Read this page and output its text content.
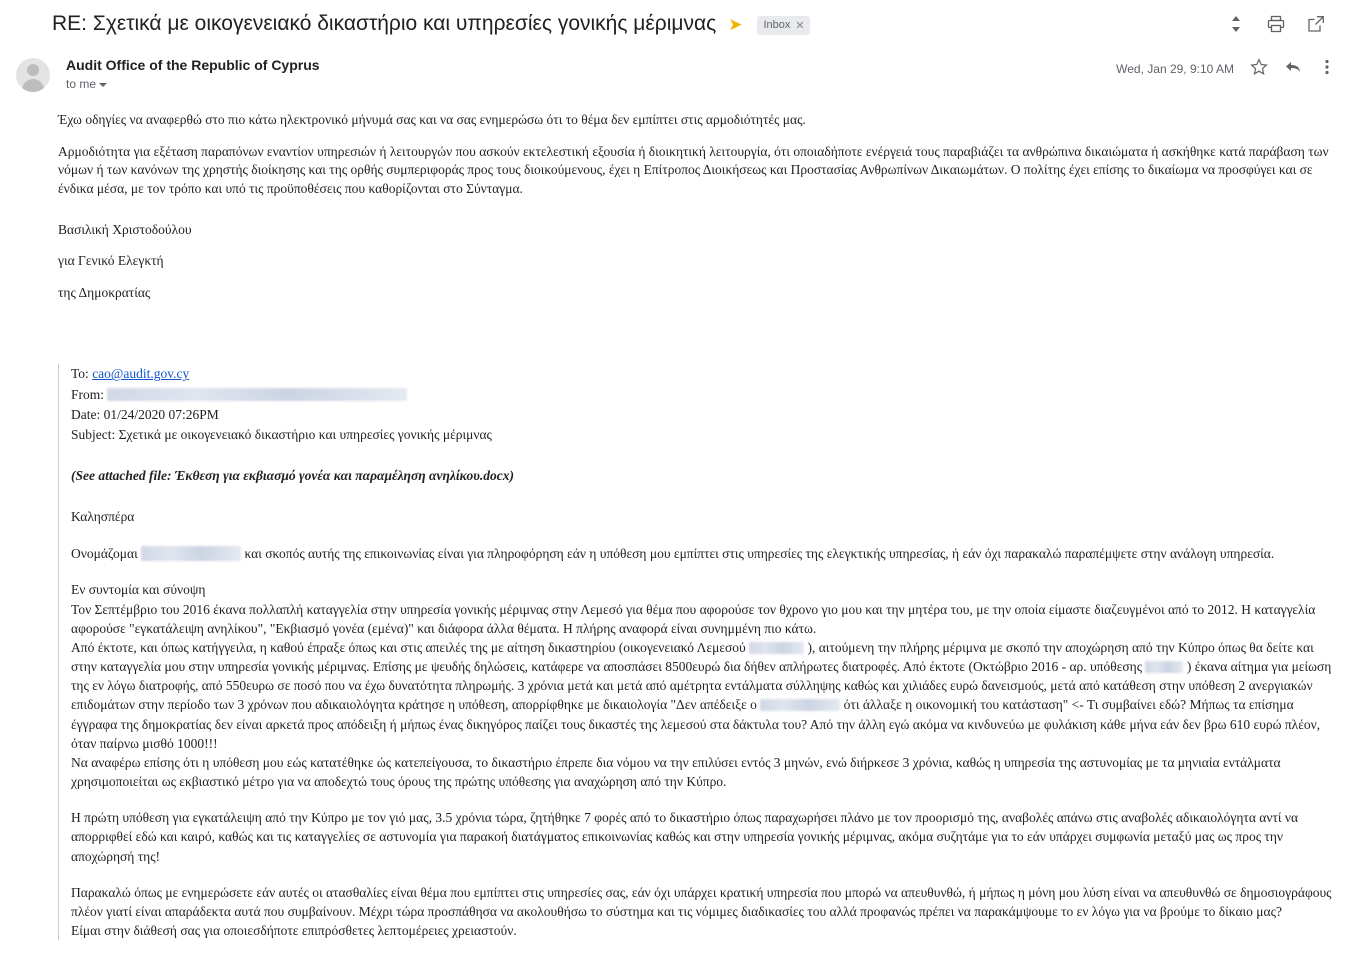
RE: Σχετικά με οικογενειακό δικαστήριο και υπηρεσίες γονικής μέριμνας ➤ Inbox ✕
Audit Office of the Republic of Cyprus
to me
Wed, Jan 29, 9:10 AM

Έχω οδηγίες να αναφερθώ στο πιο κάτω ηλεκτρονικό μήνυμά σας και να σας ενημερώσω ότι το θέμα δεν εμπίπτει στις αρμοδιότητές μας.

Αρμοδιότητα για εξέταση παραπόνων εναντίον υπηρεσιών ή λειτουργών που ασκούν εκτελεστική εξουσία ή διοικητική λειτουργία, ότι οποιαδήποτε ενέργειά τους παραβιάζει τα ανθρώπινα δικαιώματα ή ασκήθηκε κατά παράβαση των νόμων ή των κανόνων της χρηστής διοίκησης και της ορθής συμπεριφοράς προς τους διοικούμενους, έχει η Επίτροπος Διοικήσεως και Προστασίας Ανθρωπίνων Δικαιωμάτων. Ο πολίτης έχει επίσης το δικαίωμα να προσφύγει και σε ένδικα μέσα, με τον τρόπο και υπό τις προϋποθέσεις που καθορίζονται στο Σύνταγμα.

Βασιλική Χριστοδούλου

για Γενικό Ελεγκτή

της Δημοκρατίας

To: cao@audit.gov.cy
From:
Date: 01/24/2020 07:26PM
Subject: Σχετικά με οικογενειακό δικαστήριο και υπηρεσίες γονικής μέριμνας
(See attached file: Έκθεση για εκβιασμό γονέα και παραμέληση ανηλίκου.docx)
Καλησπέρα
Ονομάζομαι	και σκοπός αυτής της επικοινωνίας είναι για πληροφόρηση εάν η υπόθεση μου εμπίπτει στις υπηρεσίες της ελεγκτικής υπηρεσίας, ή εάν όχι παρακαλώ παραπέμψετε στην ανάλογη υπηρεσία.
Εν συντομία και σύνοψη
Τον Σεπτέμβριο του 2016 έκανα πολλαπλή καταγγελία στην υπηρεσία γονικής μέριμνας στην Λεμεσό για θέμα που αφορούσε τον θχρονο γιο μου και την μητέρα του, με την οποία είμαστε διαζευγμένοι από το 2012. Η καταγγελία αφορούσε "εγκατάλειψη ανηλίκου", "Εκβιασμό γονέα (εμένα)" και διάφορα άλλα θέματα. Η πλήρης αναφορά είναι συνημμένη πιο κάτω.
Από έκτοτε, και όπως κατήγγειλα, η καθού έπραξε όπως και στις απειλές της με αίτηση δικαστηρίου (οικογενειακό Λεμεσού	), αιτούμενη την πλήρης μέριμνα με σκοπό την αποχώρηση από την Κύπρο όπως θα δείτε και στην καταγγελία μου στην υπηρεσία γονικής μέριμνας. Επίσης με ψευδής δηλώσεις, κατάφερε να αποσπάσει 8500ευρώ δια δήθεν απλήρωτες διατροφές. Από έκτοτε (Οκτώβριο 2016 - αρ. υπόθεσης	) έκανα αίτημα για μείωση της εν λόγω διατροφής, από 550ευρω σε ποσό που να έχω δυνατότητα πληρωμής. 3 χρόνια μετά και μετά από αμέτρητα εντάλματα σύλληψης καθώς και χιλιάδες ευρώ δανεισμούς, μετά από κατάθεση στην υπόθεση 2 ανεργιακών επιδομάτων στην περίοδο των 3 χρόνων που αδικαιολόγητα κράτησε η υπόθεση, απορρίφθηκε με δικαιολογία "Δεν απέδειξε ο	ότι άλλαξε η οικονομική του κατάσταση" <- Τι συμβαίνει εδώ? Μήπως τα επίσημα έγγραφα της δημοκρατίας δεν είναι αρκετά προς απόδειξη ή μήπως ένας δικηγόρος παίζει τους δικαστές της λεμεσού στα δάκτυλα του? Από την άλλη εγώ ακόμα να κινδυνεύω με φυλάκιση κάθε μήνα εάν δεν βρω 610 ευρώ πλέον, όταν παίρνω μισθό 1000!!!
Να αναφέρω επίσης ότι η υπόθεση μου εώς κατατέθηκε ώς κατεπείγουσα, το δικαστήριο έπρεπε δια νόμου να την επιλύσει εντός 3 μηνών, ενώ διήρκεσε 3 χρόνια, καθώς η υπηρεσία της αστυνομίας με τα μηνιαία εντάλματα χρησιμοποιείται ως εκβιαστικό μέτρο για να αποδεχτώ τους όρους της πρώτης υπόθεσης για αναχώρηση από την Κύπρο.
Η πρώτη υπόθεση για εγκατάλειψη από την Κύπρο με τον γιό μας, 3.5 χρόνια τώρα, ζητήθηκε 7 φορές από το δικαστήριο όπως παραχωρήσει πλάνο με τον προορισμό της, αναβολές απάνω στις αναβολές αδικαιολόγητα αντί να απορριφθεί εδώ και καιρό, καθώς και τις καταγγελίες σε αστυνομία για παρακοή διατάγματος επικοινωνίας καθώς και στην υπηρεσία γονικής μέριμνας, ακόμα συζητάμε για το εάν υπάρχει συμφωνία μεταξύ μας ως προς την αποχώρησή της!
Παρακαλώ όπως με ενημερώσετε εάν αυτές οι ατασθαλίες είναι θέμα που εμπίπτει στις υπηρεσίες σας, εάν όχι υπάρχει κρατική υπηρεσία που μπορώ να απευθυνθώ, ή μήπως η μόνη μου λύση είναι να απευθυνθώ σε δημοσιογράφους πλέον γιατί είναι απαράδεκτα αυτά που συμβαίνουν. Μέχρι τώρα προσπάθησα να ακολουθήσω το σύστημα και τις νόμιμες διαδικασίες του αλλά προφανώς πρέπει να παρακάμψουμε το εν λόγω για να βρούμε το δίκαιο μας?
Είμαι στην διάθεσή σας για οποιεσδήποτε επιπρόσθετες λεπτομέρειες χρειαστούν.
